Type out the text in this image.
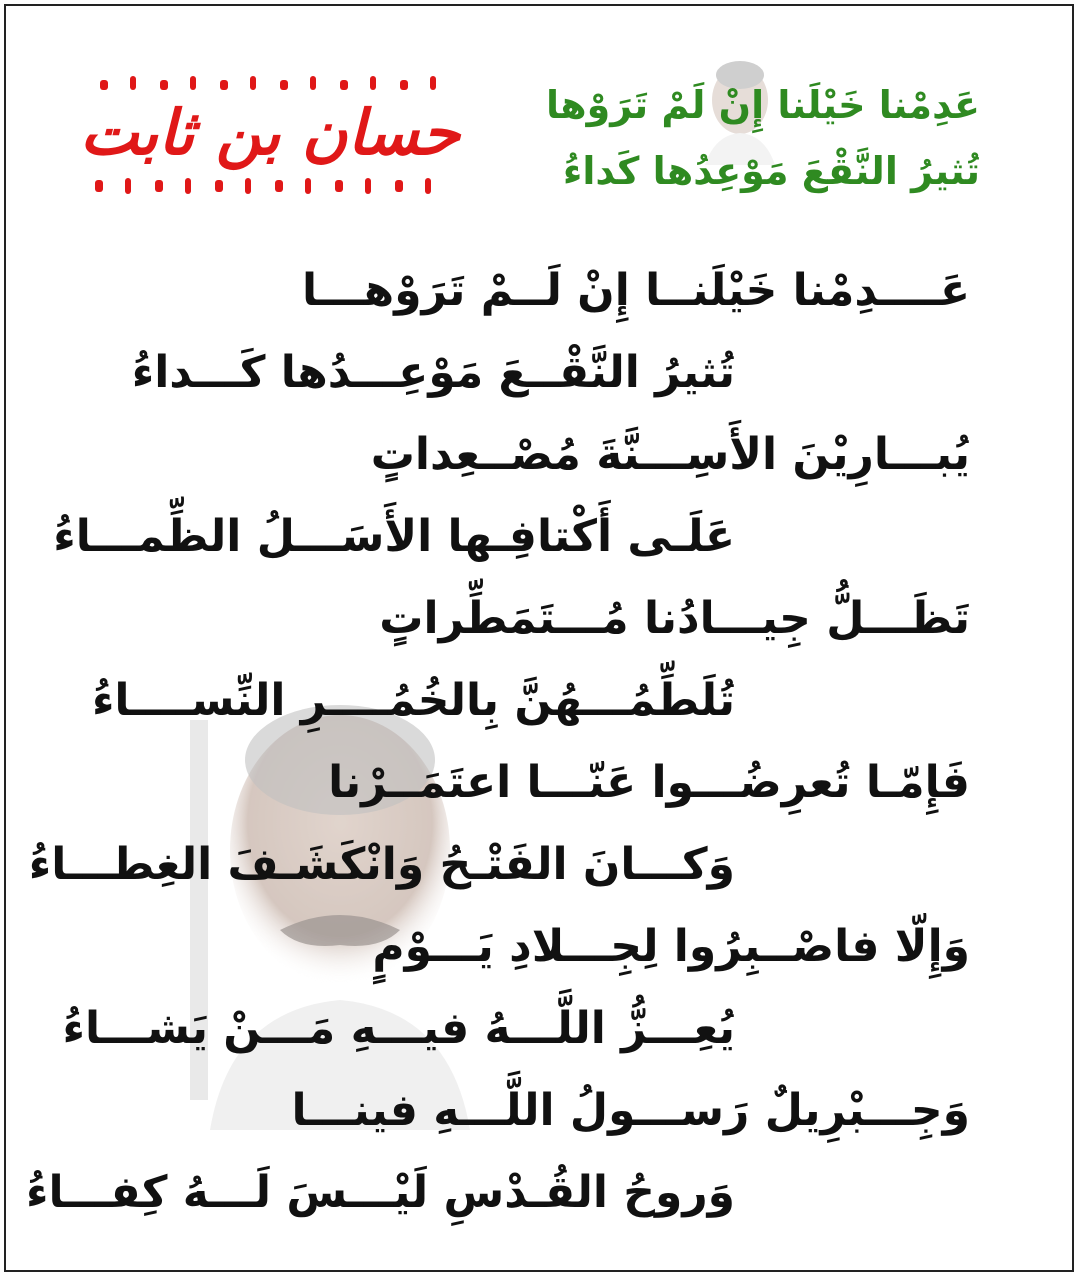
حسان بن ثابت	عَدِمْنا خَيْلَنا إِنْ لَمْ تَرَوْها
تُثيرُ النَّقْعَ مَوْعِدُها كَداءُ
عَــــدِمْنا خَيْلَنــا إِنْ لَــمْ تَرَوْهـــا
تُثيرُ النَّقْــعَ مَوْعِـــدُها كَـــداءُ
يُبـــارِيْنَ الأَسِـــنَّةَ مُصْــعِداتٍ
عَلَـى أَكْتافِـها الأَسَـــلُ الظِّمـــاءُ
تَظَـــلُّ جِيـــادُنا مُـــتَمَطِّراتٍ
تُلَطِّمُـــهُنَّ بِالخُمُــــرِ النِّســــاءُ
فَإِمّـا تُعرِضُـــوا عَنّـــا اعتَمَــرْنا
وَكـــانَ الفَتْـحُ وَانْكَشَـفَ الغِطـــاءُ
وَإِلّا فاصْــبِرُوا لِجِـــلادِ يَـــوْمٍ
يُعِـــزُّ اللَّـــهُ فيـــهِ مَـــنْ يَشـــاءُ
وَجِـــبْرِيلٌ رَســـولُ اللَّـــهِ فينـــا
وَروحُ القُـدْسِ لَيْـــسَ لَـــهُ كِفـــاءُ
